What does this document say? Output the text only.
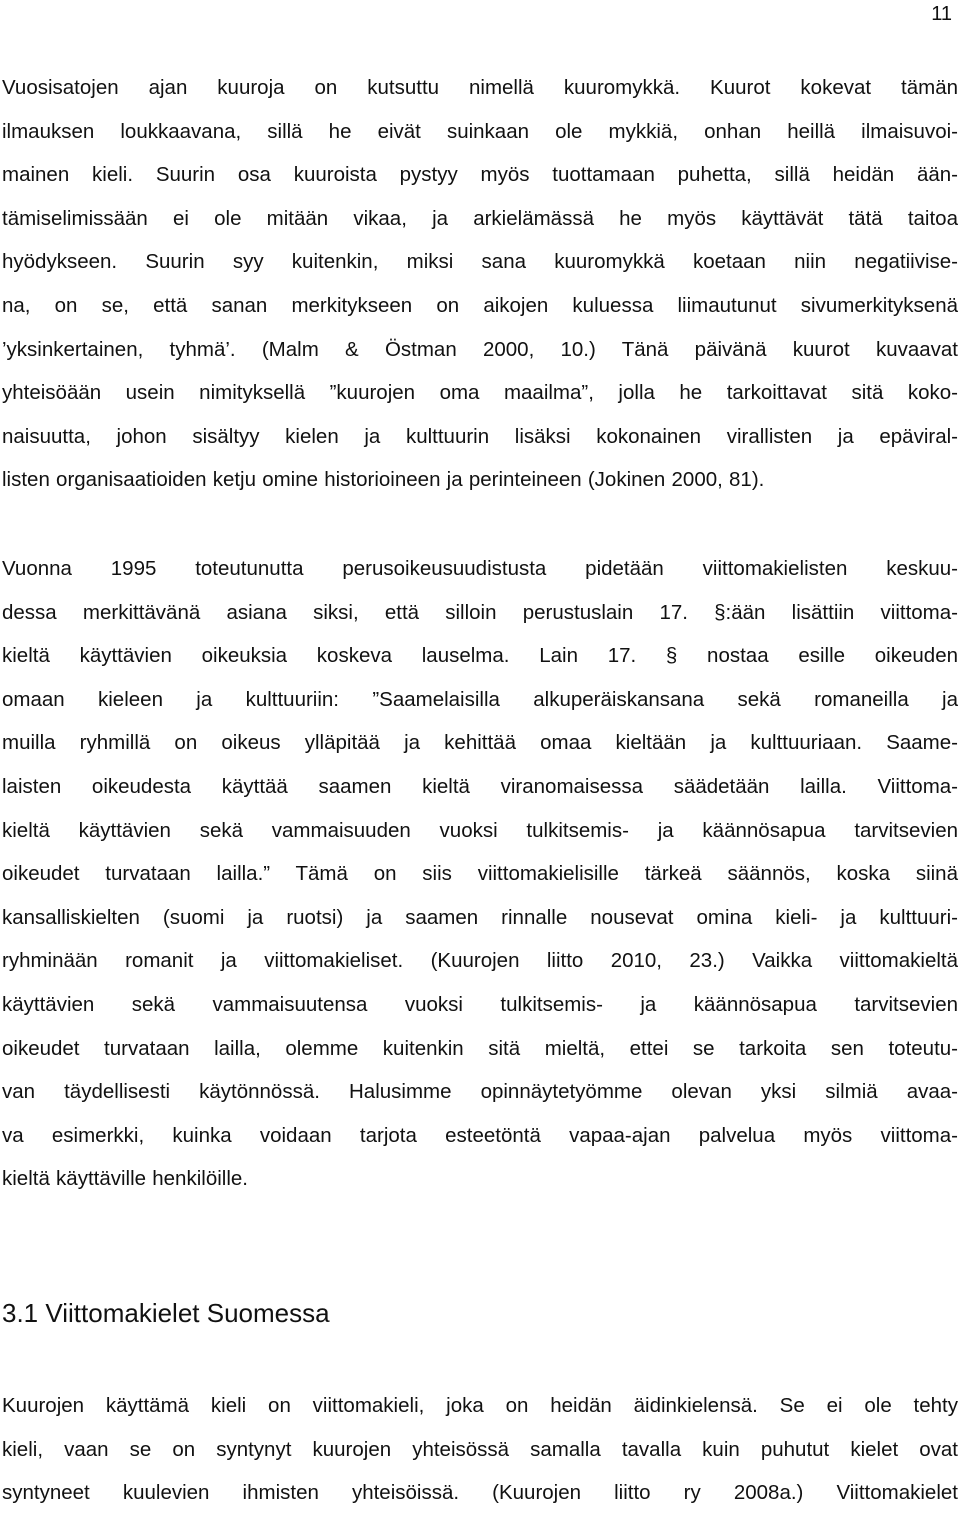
11
Vuosisatojen ajan kuuroja on kutsuttu nimellä kuuromykkä. Kuurot kokevat tämän
ilmauksen loukkaavana, sillä he eivät suinkaan ole mykkiä, onhan heillä ilmaisuvoi-
mainen kieli. Suurin osa kuuroista pystyy myös tuottamaan puhetta, sillä heidän ään-
tämiselimissään ei ole mitään vikaa, ja arkielämässä he myös käyttävät tätä taitoa
hyödykseen. Suurin syy kuitenkin, miksi sana kuuromykkä koetaan niin negatiivise-
na, on se, että sanan merkitykseen on aikojen kuluessa liimautunut sivumerkityksenä
’yksinkertainen, tyhmä’. (Malm & Östman 2000, 10.) Tänä päivänä kuurot kuvaavat
yhteisöään usein nimityksellä ”kuurojen oma maailma”, jolla he tarkoittavat sitä koko-
naisuutta, johon sisältyy kielen ja kulttuurin lisäksi kokonainen virallisten ja epäviral-
listen organisaatioiden ketju omine historioineen ja perinteineen (Jokinen 2000, 81).
Vuonna 1995 toteutunutta perusoikeusuudistusta pidetään viittomakielisten keskuu-
dessa merkittävänä asiana siksi, että silloin perustuslain 17. §:ään lisättiin viittoma-
kieltä käyttävien oikeuksia koskeva lauselma. Lain 17. § nostaa esille oikeuden
omaan kieleen ja kulttuuriin: ”Saamelaisilla alkuperäiskansana sekä romaneilla ja
muilla ryhmillä on oikeus ylläpitää ja kehittää omaa kieltään ja kulttuuriaan. Saame-
laisten oikeudesta käyttää saamen kieltä viranomaisessa säädetään lailla. Viittoma-
kieltä käyttävien sekä vammaisuuden vuoksi tulkitsemis- ja käännösapua tarvitsevien
oikeudet turvataan lailla.” Tämä on siis viittomakielisille tärkeä säännös, koska siinä
kansalliskielten (suomi ja ruotsi) ja saamen rinnalle nousevat omina kieli- ja kulttuuri-
ryhminään romanit ja viittomakieliset. (Kuurojen liitto 2010, 23.) Vaikka viittomakieltä
käyttävien sekä vammaisuutensa vuoksi tulkitsemis- ja käännösapua tarvitsevien
oikeudet turvataan lailla, olemme kuitenkin sitä mieltä, ettei se tarkoita sen toteutu-
van täydellisesti käytönnössä. Halusimme opinnäytetyömme olevan yksi silmiä avaa-
va esimerkki, kuinka voidaan tarjota esteetöntä vapaa-ajan palvelua myös viittoma-
kieltä käyttäville henkilöille.
3.1 Viittomakielet Suomessa
Kuurojen käyttämä kieli on viittomakieli, joka on heidän äidinkielensä. Se ei ole tehty
kieli, vaan se on syntynyt kuurojen yhteisössä samalla tavalla kuin puhutut kielet ovat
syntyneet kuulevien ihmisten yhteisöissä. (Kuurojen liitto ry 2008a.) Viittomakielet
